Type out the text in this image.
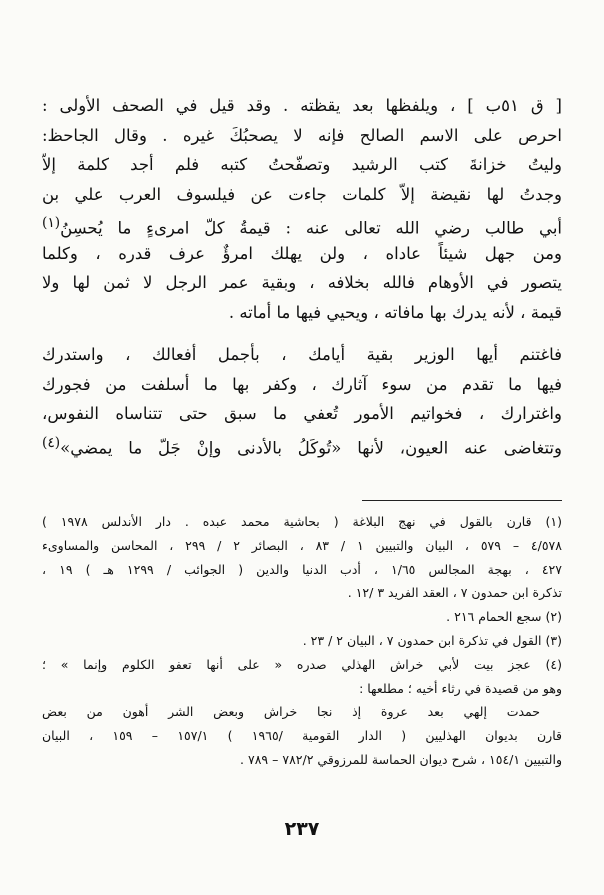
[ ق ٥١ب ] ، ويلفظها بعد يقظته . وقد قيل في الصحف الأولى :
احرص على الاسم الصالح فإنه لا يصحبُكَ غيره . وقال الجاحظ:
وليتُ خزانةَ كتب الرشيد وتصفّحتُ كتبه فلم أجد كلمة إلاّ
وجدتُ لها نقيضة إلاّ كلمات جاءت عن فيلسوف العرب علي بن
أبي طالب رضي الله تعالى عنه : قيمةُ كلّ امرىءٍ ما يُحسِنُ$^{(١)}$
ومن جهل شيئاً عاداه ، ولن يهلك امرؤٌ عرف قدره ، وكلما
يتصور في الأوهام فالله بخلافه ، وبقية عمر الرجل لا ثمن لها ولا
قيمة ، لأنه يدرك بها مافاته ، ويحيي فيها ما أماته .
فاغتنم أيها الوزير بقية أيامك ، بأجمل أفعالك ، واستدرك
فيها ما تقدم من سوء آثارك ، وكفر بها ما أسلفت من فجورك
واغترارك ، فخواتيم الأمور تُعفي ما سبق حتى تتناساه النفوس،
وتتغاضى عنه العيون، لأنها «تُوكَلُ بالأدنى وإنْ جَلّ ما يمضي»$^{(٤)}$
(١) قارن بالقول في نهج البلاغة ( بحاشية محمد عبده . دار الأندلس ١٩٧٨ )
٤/٥٧٨ – ٥٧٩ ، البيان والتبيين ١ / ٨٣ ، البصائر ٢ / ٢٩٩ ، المحاسن والمساوىء
٤٢٧ ، بهجة المجالس ١/٦٥ ، أدب الدنيا والدين ( الجوائب / ١٢٩٩ هـ ) ١٩ ،
تذكرة ابن حمدون ٧ ، العقد الفريد ٣ /١٢ .
(٢) سجع الحمام ٢١٦ .
(٣) القول في تذكرة ابن حمدون ٧ ، البيان ٢ / ٢٣ .
(٤) عجز بيت لأبي خراش الهذلي صدره « على أنها تعفو الكلوم وإنما » ؛
وهو من قصيدة في رثاء أخيه ؛ مطلعها :
حمدت إلهي بعد عروة إذ نجا خراش وبعض الشر أهون من بعض
قارن بديوان الهذليين ( الدار القومية /١٩٦٥ ) ١٥٧/١ – ١٥٩ ، البيان
والتبيين ١٥٤/١ ، شرح ديوان الحماسة للمرزوقي ٧٨٢/٢ – ٧٨٩ .
٢٣٧
